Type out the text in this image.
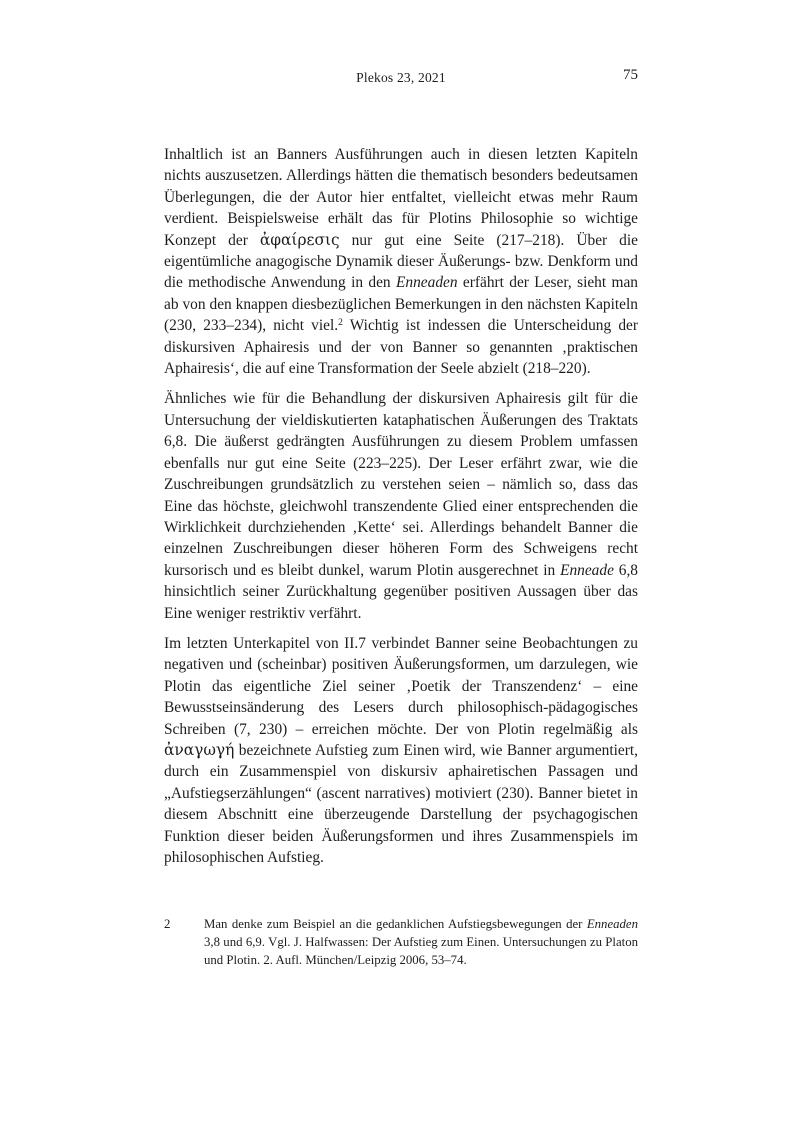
Plekos 23, 2021	75

Inhaltlich ist an Banners Ausführungen auch in diesen letzten Kapiteln nichts auszusetzen. Allerdings hätten die thematisch besonders bedeutsamen Überlegungen, die der Autor hier entfaltet, vielleicht etwas mehr Raum verdient. Beispielsweise erhält das für Plotins Philosophie so wichtige Konzept der ἀφαίρεσις nur gut eine Seite (217–218). Über die eigentümliche anagogische Dynamik dieser Äußerungs- bzw. Denkform und die methodische Anwendung in den Enneaden erfährt der Leser, sieht man ab von den knappen diesbezüglichen Bemerkungen in den nächsten Kapiteln (230, 233–234), nicht viel.$^2$ Wichtig ist indessen die Unterscheidung der diskursiven Aphairesis und der von Banner so genannten ‚praktischen Aphairesis‘, die auf eine Transformation der Seele abzielt (218–220).

Ähnliches wie für die Behandlung der diskursiven Aphairesis gilt für die Untersuchung der vieldiskutierten kataphatischen Äußerungen des Traktats 6,8. Die äußerst gedrängten Ausführungen zu diesem Problem umfassen ebenfalls nur gut eine Seite (223–225). Der Leser erfährt zwar, wie die Zuschreibungen grundsätzlich zu verstehen seien – nämlich so, dass das Eine das höchste, gleichwohl transzendente Glied einer entsprechenden die Wirklichkeit durchziehenden ‚Kette‘ sei. Allerdings behandelt Banner die einzelnen Zuschreibungen dieser höheren Form des Schweigens recht kursorisch und es bleibt dunkel, warum Plotin ausgerechnet in Enneade 6,8 hinsichtlich seiner Zurückhaltung gegenüber positiven Aussagen über das Eine weniger restriktiv verfährt.

Im letzten Unterkapitel von II.7 verbindet Banner seine Beobachtungen zu negativen und (scheinbar) positiven Äußerungsformen, um darzulegen, wie Plotin das eigentliche Ziel seiner ‚Poetik der Transzendenz‘ – eine Bewusstseinsänderung des Lesers durch philosophisch-pädagogisches Schreiben (7, 230) – erreichen möchte. Der von Plotin regelmäßig als ἀναγωγή bezeichnete Aufstieg zum Einen wird, wie Banner argumentiert, durch ein Zusammenspiel von diskursiv aphairetischen Passagen und „Aufstiegserzählungen“ (ascent narratives) motiviert (230). Banner bietet in diesem Abschnitt eine überzeugende Darstellung der psychagogischen Funktion dieser beiden Äußerungsformen und ihres Zusammenspiels im philosophischen Aufstieg.

2	Man denke zum Beispiel an die gedanklichen Aufstiegsbewegungen der Enneaden 3,8 und 6,9. Vgl. J. Halfwassen: Der Aufstieg zum Einen. Untersuchungen zu Platon und Plotin. 2. Aufl. München/Leipzig 2006, 53–74.
